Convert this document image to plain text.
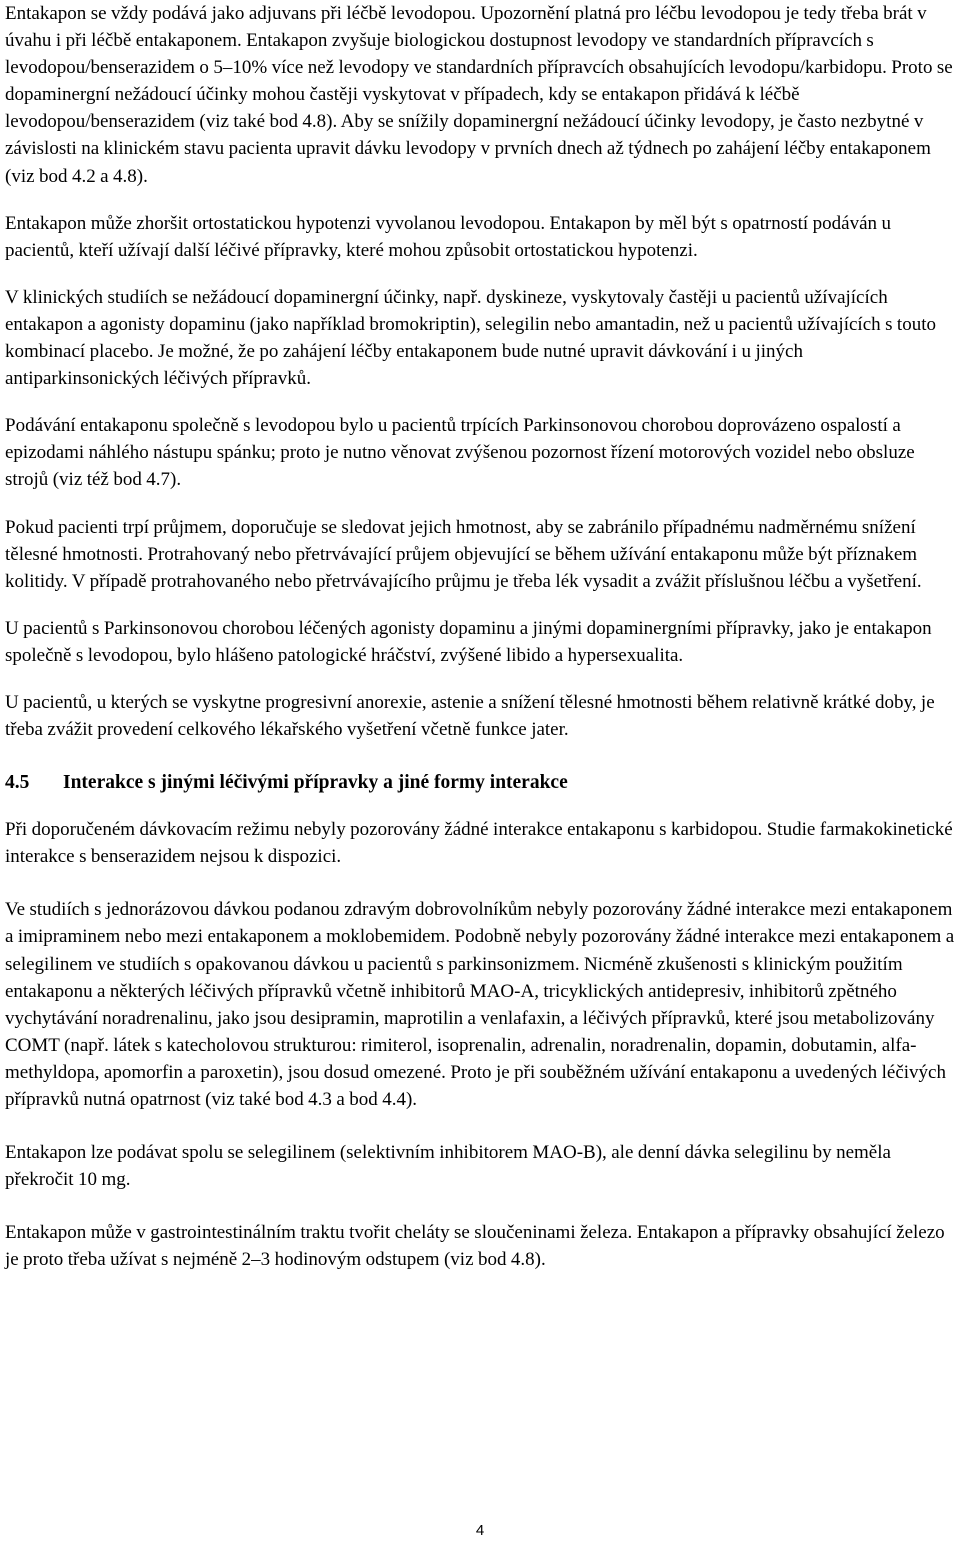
Entakapon se vždy podává jako adjuvans při léčbě levodopou. Upozornění platná pro léčbu levodopou je tedy třeba brát v úvahu i při léčbě entakaponem. Entakapon zvyšuje biologickou dostupnost levodopy ve standardních přípravcích s levodopou/benserazidem o 5–10% více než levodopy ve standardních přípravcích obsahujících levodopu/karbidopu. Proto se dopaminergní nežádoucí účinky mohou častěji vyskytovat v případech, kdy se entakapon přidává k léčbě levodopou/benserazidem (viz také bod 4.8). Aby se snížily dopaminergní nežádoucí účinky levodopy, je často nezbytné v závislosti na klinickém stavu pacienta upravit dávku levodopy v prvních dnech až týdnech po zahájení léčby entakaponem (viz bod 4.2 a 4.8).

Entakapon může zhoršit ortostatickou hypotenzi vyvolanou levodopou. Entakapon by měl být s opatrností podáván u pacientů, kteří užívají další léčivé přípravky, které mohou způsobit ortostatickou hypotenzi.

V klinických studiích se nežádoucí dopaminergní účinky, např. dyskineze, vyskytovaly častěji u pacientů užívajících entakapon a agonisty dopaminu (jako například bromokriptin), selegilin nebo amantadin, než u pacientů užívajících s touto kombinací placebo. Je možné, že po zahájení léčby entakaponem bude nutné upravit dávkování i u jiných antiparkinsonických léčivých přípravků.

Podávání entakaponu společně s levodopou bylo u pacientů trpících Parkinsonovou chorobou doprovázeno ospalostí a epizodami náhlého nástupu spánku; proto je nutno věnovat zvýšenou pozornost řízení motorových vozidel nebo obsluze strojů (viz též bod 4.7).

Pokud pacienti trpí průjmem, doporučuje se sledovat jejich hmotnost, aby se zabránilo případnému nadměrnému snížení tělesné hmotnosti. Protrahovaný nebo přetrvávající průjem objevující se během užívání entakaponu může být příznakem kolitidy. V případě protrahovaného nebo přetrvávajícího průjmu je třeba lék vysadit a zvážit příslušnou léčbu a vyšetření.

U pacientů s Parkinsonovou chorobou léčených agonisty dopaminu a jinými dopaminergními přípravky, jako je entakapon společně s levodopou, bylo hlášeno patologické hráčství, zvýšené libido a hypersexualita.

U pacientů, u kterých se vyskytne progresivní anorexie, astenie a snížení tělesné hmotnosti během relativně krátké doby, je třeba zvážit provedení celkového lékařského vyšetření včetně funkce jater.

4.5	Interakce s jinými léčivými přípravky a jiné formy interakce

Při doporučeném dávkovacím režimu nebyly pozorovány žádné interakce entakaponu s karbidopou. Studie farmakokinetické interakce s benserazidem nejsou k dispozici.

Ve studiích s jednorázovou dávkou podanou zdravým dobrovolníkům nebyly pozorovány žádné interakce mezi entakaponem a imipraminem nebo mezi entakaponem a moklobemidem. Podobně nebyly pozorovány žádné interakce mezi entakaponem a selegilinem ve studiích s opakovanou dávkou u pacientů s parkinsonizmem. Nicméně zkušenosti s klinickým použitím entakaponu a některých léčivých přípravků včetně inhibitorů MAO-A, tricyklických antidepresiv, inhibitorů zpětného vychytávání noradrenalinu, jako jsou desipramin, maprotilin a venlafaxin, a léčivých přípravků, které jsou metabolizovány COMT (např. látek s katecholovou strukturou: rimiterol, isoprenalin, adrenalin, noradrenalin, dopamin, dobutamin, alfa-methyldopa, apomorfin a paroxetin), jsou dosud omezené. Proto je při souběžném užívání entakaponu a uvedených léčivých přípravků nutná opatrnost (viz také bod 4.3 a bod 4.4).

Entakapon lze podávat spolu se selegilinem (selektivním inhibitorem MAO-B), ale denní dávka selegilinu by neměla překročit 10 mg.

Entakapon může v gastrointestinálním traktu tvořit cheláty se sloučeninami železa. Entakapon a přípravky obsahující železo je proto třeba užívat s nejméně 2–3 hodinovým odstupem (viz bod 4.8).

4
